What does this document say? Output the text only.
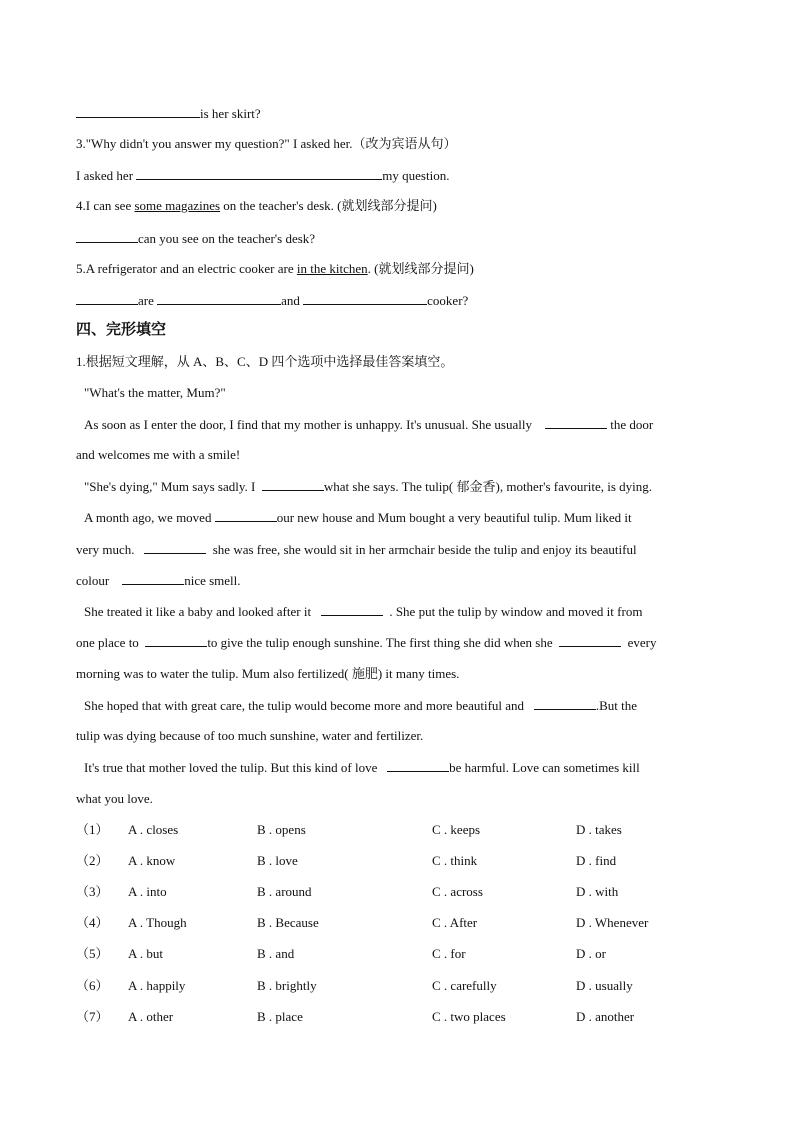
is her skirt?
3."Why didn't you answer my question?" I asked her.（改为宾语从句）
I asked her	my question.
4.I can see some magazines on the teacher's desk. (就划线部分提问)
can you see on the teacher's desk?
5.A refrigerator and an electric cooker are in the kitchen. (就划线部分提问)
are	and	cooker?
四、完形填空
1.根据短文理解，从 A、B、C、D 四个选项中选择最佳答案填空。
"What's the matter, Mum?"
As soon as I enter the door, I find that my mother is unhappy. It's unusual. She usually	the door
and welcomes me with a smile!
"She's dying," Mum says sadly. I	what she says. The tulip( 郁金香), mother's favourite, is dying.
A month ago, we moved	our new house and Mum bought a very beautiful tulip. Mum liked it
very much.	she was free, she would sit in her armchair beside the tulip and enjoy its beautiful
colour	nice smell.
She treated it like a baby and looked after it	. She put the tulip by window and moved it from
one place to	to give the tulip enough sunshine. The first thing she did when she	every
morning was to water the tulip. Mum also fertilized( 施肥) it many times.
She hoped that with great care, the tulip would become more and more beautiful and	.But the
tulip was dying because of too much sunshine, water and fertilizer.
It's true that mother loved the tulip. But this kind of love	be harmful. Love can sometimes kill
what you love.
（1） A . closes	B . opens	C . keeps	D . takes
（2） A . know	B . love	C . think	D . find
（3） A . into	B . around	C . across	D . with
（4） A . Though	B . Because	C . After	D . Whenever
（5） A . but	B . and	C . for	D . or
（6） A . happily	B . brightly	C . carefully	D . usually
（7） A . other	B . place	C . two places	D . another
